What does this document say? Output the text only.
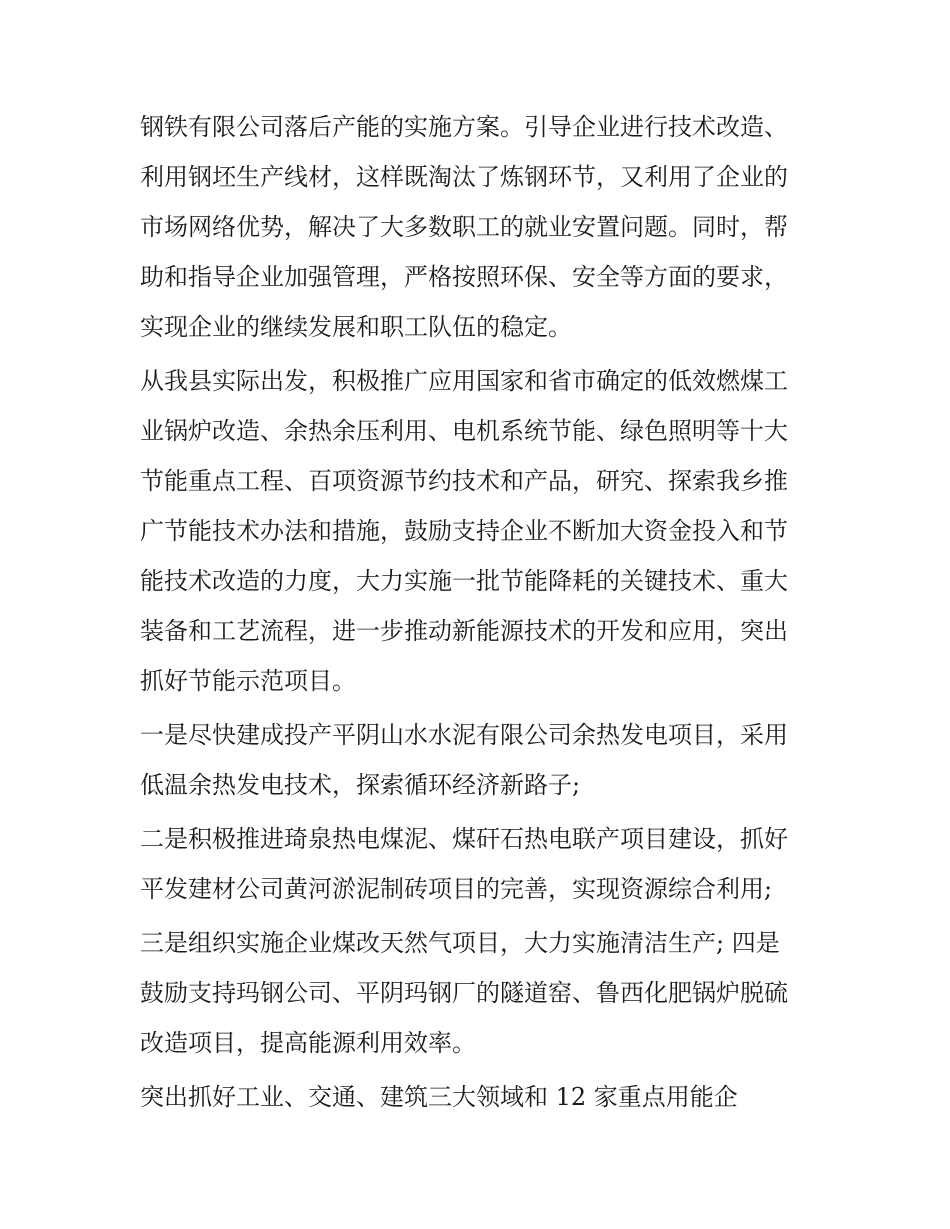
钢铁有限公司落后产能的实施方案。引导企业进行技术改造、
利用钢坯生产线材，这样既淘汰了炼钢环节，又利用了企业的
市场网络优势，解决了大多数职工的就业安置问题。同时，帮
助和指导企业加强管理，严格按照环保、安全等方面的要求，
实现企业的继续发展和职工队伍的稳定。
从我县实际出发，积极推广应用国家和省市确定的低效燃煤工
业锅炉改造、余热余压利用、电机系统节能、绿色照明等十大
节能重点工程、百项资源节约技术和产品，研究、探索我乡推
广节能技术办法和措施，鼓励支持企业不断加大资金投入和节
能技术改造的力度，大力实施一批节能降耗的关键技术、重大
装备和工艺流程，进一步推动新能源技术的开发和应用，突出
抓好节能示范项目。
一是尽快建成投产平阴山水水泥有限公司余热发电项目，采用
低温余热发电技术，探索循环经济新路子;
二是积极推进琦泉热电煤泥、煤矸石热电联产项目建设，抓好
平发建材公司黄河淤泥制砖项目的完善，实现资源综合利用;
三是组织实施企业煤改天然气项目，大力实施清洁生产; 四是
鼓励支持玛钢公司、平阴玛钢厂的隧道窑、鲁西化肥锅炉脱硫
改造项目，提高能源利用效率。
突出抓好工业、交通、建筑三大领域和 12 家重点用能企
